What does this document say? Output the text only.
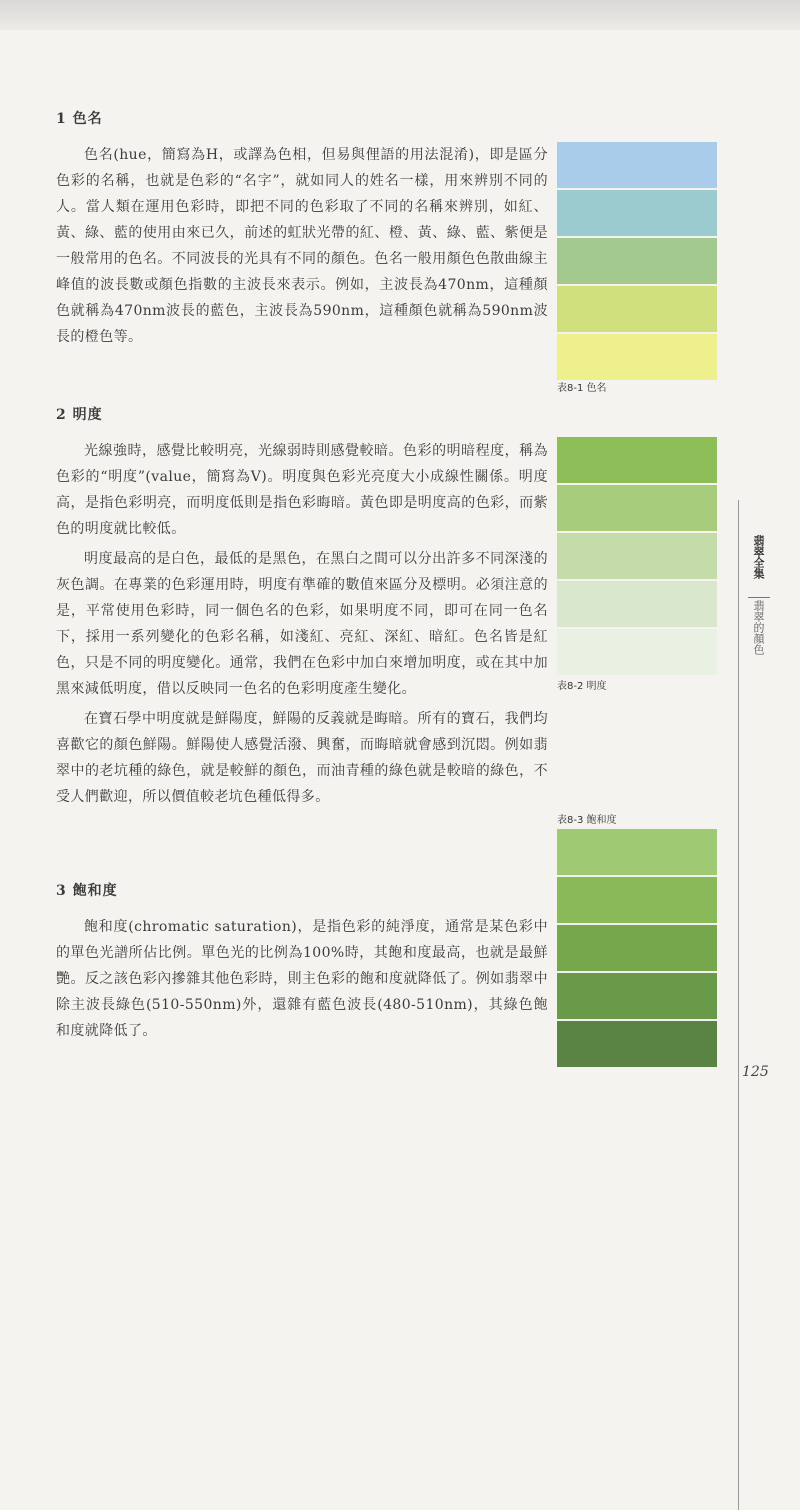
1 色名

色名(hue，簡寫為H，或譯為色相，但易與俚語的用法混淆)，即是區分色彩的名稱，也就是色彩的“名字”，就如同人的姓名一樣，用來辨別不同的人。當人類在運用色彩時，即把不同的色彩取了不同的名稱來辨別，如紅、黃、綠、藍的使用由來已久，前述的虹狀光帶的紅、橙、黃、綠、藍、紫便是一般常用的色名。不同波長的光具有不同的顏色。色名一般用顏色色散曲線主峰值的波長數或顏色指數的主波長來表示。例如，主波長為470nm，這種顏色就稱為470nm波長的藍色，主波長為590nm，這種顏色就稱為590nm波長的橙色等。

2 明度

光線強時，感覺比較明亮，光線弱時則感覺較暗。色彩的明暗程度，稱為色彩的“明度”(value，簡寫為V)。明度與色彩光亮度大小成線性關係。明度高，是指色彩明亮，而明度低則是指色彩晦暗。黃色即是明度高的色彩，而紫色的明度就比較低。

明度最高的是白色，最低的是黑色，在黑白之間可以分出許多不同深淺的灰色調。在專業的色彩運用時，明度有準確的數值來區分及標明。必須注意的是，平常使用色彩時，同一個色名的色彩，如果明度不同，即可在同一色名下，採用一系列變化的色彩名稱，如淺紅、亮紅、深紅、暗紅。色名皆是紅色，只是不同的明度變化。通常，我們在色彩中加白來增加明度，或在其中加黑來減低明度，借以反映同一色名的色彩明度產生變化。

在寶石學中明度就是鮮陽度，鮮陽的反義就是晦暗。所有的寶石，我們均喜歡它的顏色鮮陽。鮮陽使人感覺活潑、興奮，而晦暗就會感到沉悶。例如翡翠中的老坑種的綠色，就是較鮮的顏色，而油青種的綠色就是較暗的綠色，不受人們歡迎，所以價值較老坑色種低得多。

3 飽和度

飽和度(chromatic saturation)，是指色彩的純淨度，通常是某色彩中的單色光譜所佔比例。單色光的比例為100%時，其飽和度最高，也就是最鮮艷。反之該色彩內摻雜其他色彩時，則主色彩的飽和度就降低了。例如翡翠中除主波長綠色(510-550nm)外，還雜有藍色波長(480-510nm)，其綠色飽和度就降低了。

表8-1 色名
表8-2 明度
表8-3 飽和度
翡翠全集
翡翠的顏色
125
